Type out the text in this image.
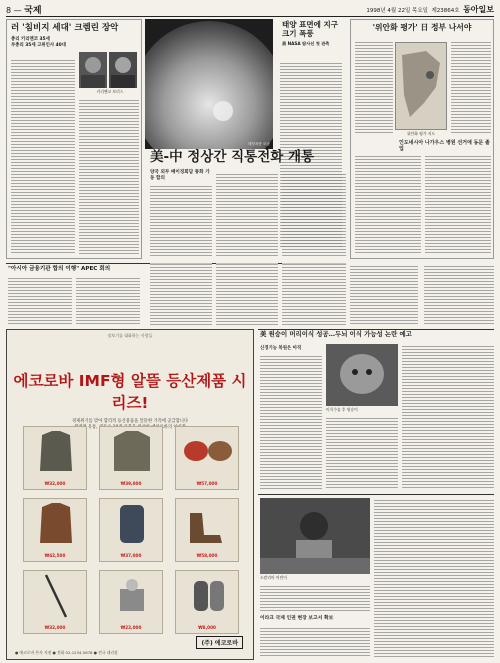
8 — 국제	1998년 4월 22일 목요일 제23864호 동아일보
러 '침비지 세대' 크렘린 장악
총리 키리옌코 35세
부총리 35세 고위인사 40대
키리옌코 보리스
태양폭풍 모습
태양 표면에 지구크기 폭풍
美 NASA 탐사선 첫 관측
'위안화 평가' 日 정부 나서야
위안화 평가 지도
인도네시아 나가우스 병원 선거에 동문 졸업
美-中 정상간 직통전화 개통
양국 외무 베이징회담 통화 가동 합의
"아시아 금융기관 합의 이행" APEC 회의
장보기를 대화하는 사람들
에코로바 IMF형 알뜰 등산제품 시리즈!
경제위기를 맞아 합리적 등산용품을 알뜰한 가격에 공급합니다
유통,
₩32,000	₩39,000	₩57,000
₩42,500	₩37,000	₩58,000
₩32,000	₩22,000	₩8,000
(주) 에코로바
● 에코로바 본사 지점 ● 전화 02-1234-5678 ● 전국 대리점
美 원숭이 머리이식 성공…두뇌 이식 가능성 논란 예고
신경기능 복원은 아직
이식수술 후 원숭이
소말리아 어린이
이라크 국제 인권 현장 보고서 확보
